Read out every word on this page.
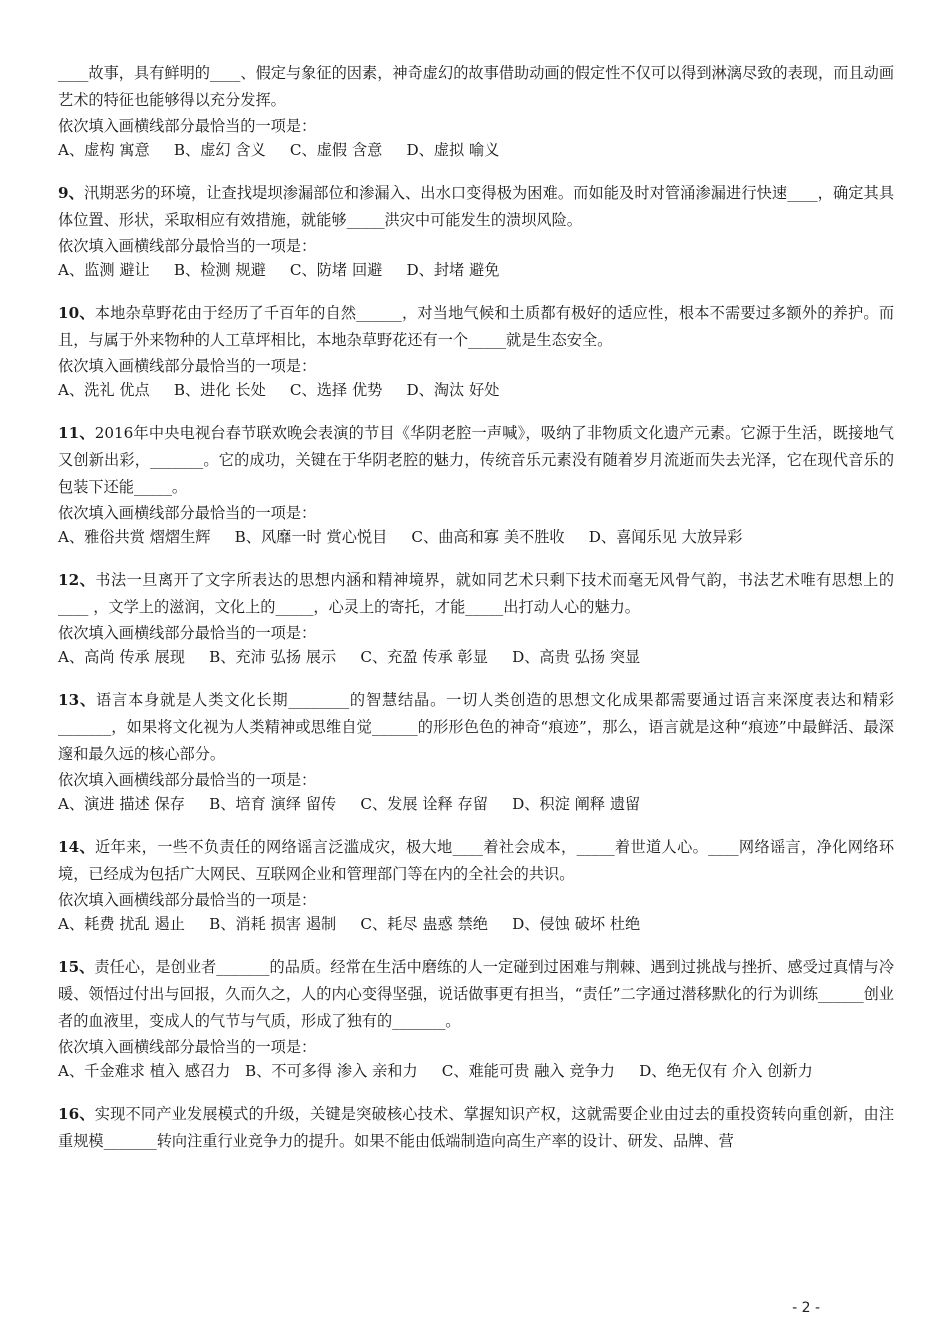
____故事，具有鲜明的____、假定与象征的因素，神奇虚幻的故事借助动画的假定性不仅可以得到淋漓尽致的表现，而且动画艺术的特征也能够得以充分发挥。

依次填入画横线部分最恰当的一项是：

A、虚构 寓意     B、虚幻 含义     C、虚假 含意     D、虚拟 喻义

9、汛期恶劣的环境，让查找堤坝渗漏部位和渗漏入、出水口变得极为困难。而如能及时对管涌渗漏进行快速____，确定其具体位置、形状，采取相应有效措施，就能够_____洪灾中可能发生的溃坝风险。

依次填入画横线部分最恰当的一项是：

A、监测 避让     B、检测 规避     C、防堵 回避     D、封堵 避免

10、本地杂草野花由于经历了千百年的自然______，对当地气候和土质都有极好的适应性，根本不需要过多额外的养护。而且，与属于外来物种的人工草坪相比，本地杂草野花还有一个_____就是生态安全。

依次填入画横线部分最恰当的一项是：

A、洗礼 优点     B、进化 长处     C、选择 优势     D、淘汰 好处

11、2016年中央电视台春节联欢晚会表演的节目《华阴老腔一声喊》，吸纳了非物质文化遗产元素。它源于生活，既接地气又创新出彩，_______。它的成功，关键在于华阴老腔的魅力，传统音乐元素没有随着岁月流逝而失去光泽，它在现代音乐的包装下还能_____。

依次填入画横线部分最恰当的一项是：

A、雅俗共赏 熠熠生辉     B、风靡一时 赏心悦目     C、曲高和寡 美不胜收     D、喜闻乐见 大放异彩

12、书法一旦离开了文字所表达的思想内涵和精神境界，就如同艺术只剩下技术而毫无风骨气韵，书法艺术唯有思想上的____ ，文学上的滋润，文化上的_____，心灵上的寄托，才能_____出打动人心的魅力。

依次填入画横线部分最恰当的一项是：

A、高尚 传承 展现     B、充沛 弘扬 展示     C、充盈 传承 彰显     D、高贵 弘扬 突显

13、语言本身就是人类文化长期________的智慧结晶。一切人类创造的思想文化成果都需要通过语言来深度表达和精彩_______，如果将文化视为人类精神或思维自觉______的形形色色的神奇“痕迹”，那么，语言就是这种“痕迹”中最鲜活、最深邃和最久远的核心部分。

依次填入画横线部分最恰当的一项是：

A、演进 描述 保存     B、培育 演绎 留传     C、发展 诠释 存留     D、积淀 阐释 遗留

14、近年来，一些不负责任的网络谣言泛滥成灾，极大地____着社会成本，_____着世道人心。____网络谣言，净化网络环境，已经成为包括广大网民、互联网企业和管理部门等在内的全社会的共识。

依次填入画横线部分最恰当的一项是：

A、耗费 扰乱 遏止     B、消耗 损害 遏制     C、耗尽 蛊惑 禁绝     D、侵蚀 破坏 杜绝

15、责任心，是创业者_______的品质。经常在生活中磨练的人一定碰到过困难与荆棘、遇到过挑战与挫折、感受过真情与冷暖、领悟过付出与回报，久而久之，人的内心变得坚强，说话做事更有担当，“责任”二字通过潜移默化的行为训练______创业者的血液里，变成人的气节与气质，形成了独有的_______。

依次填入画横线部分最恰当的一项是：

A、千金难求 植入 感召力   B、不可多得 渗入 亲和力     C、难能可贵 融入 竞争力     D、绝无仅有 介入 创新力

16、实现不同产业发展模式的升级，关键是突破核心技术、掌握知识产权，这就需要企业由过去的重投资转向重创新，由注重规模_______转向注重行业竞争力的提升。如果不能由低端制造向高生产率的设计、研发、品牌、营

- 2 -
